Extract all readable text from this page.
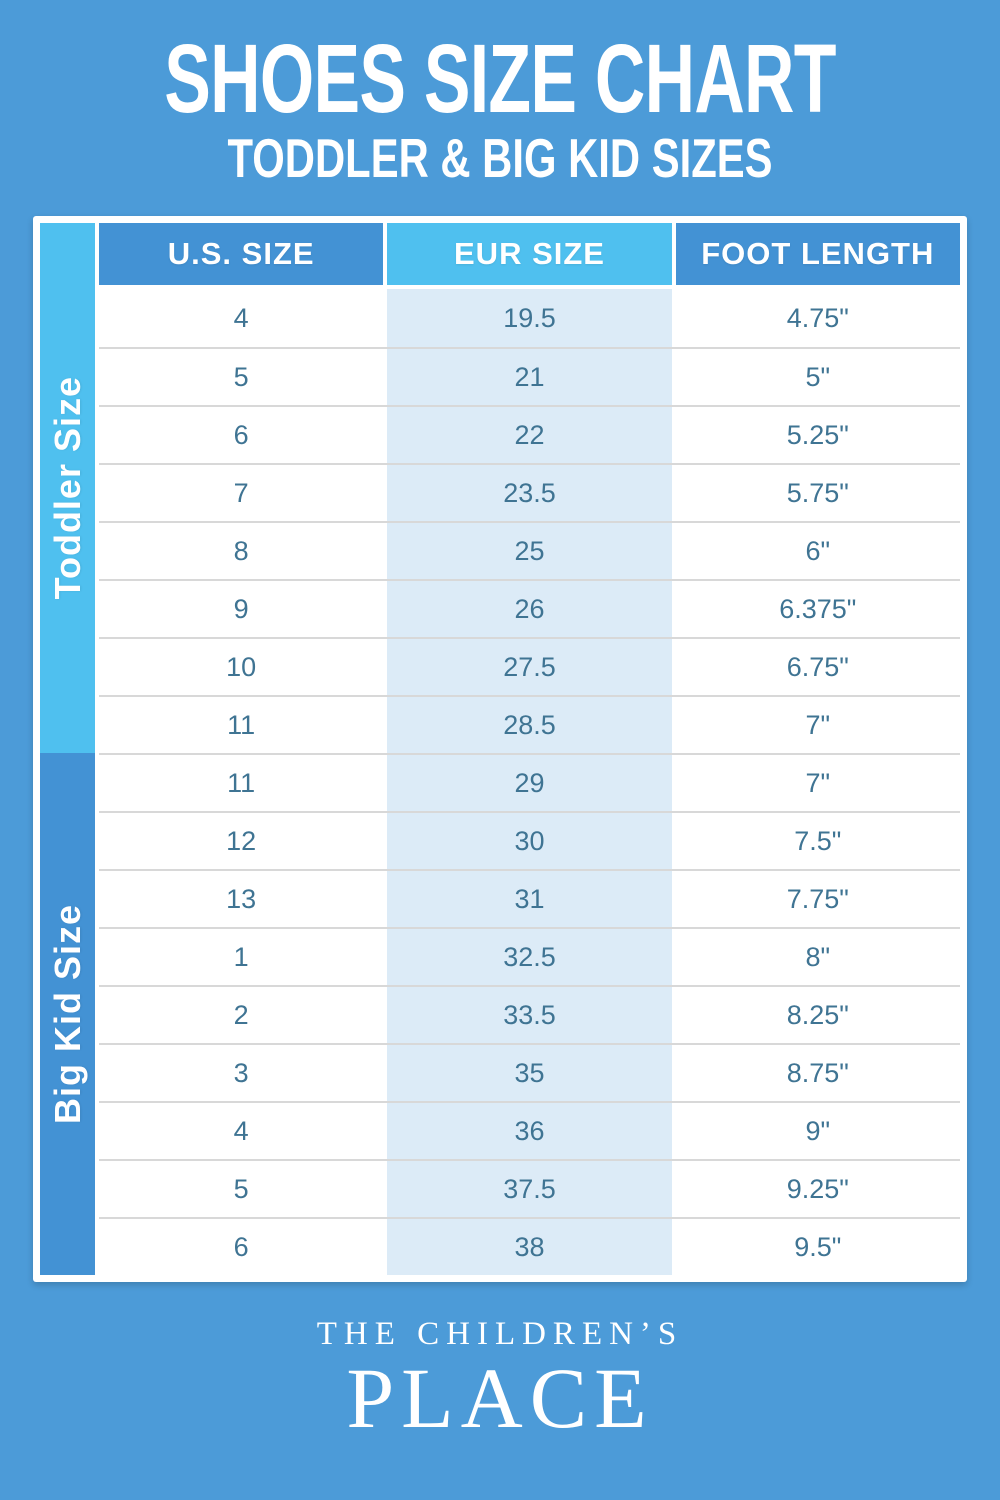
SHOES SIZE CHART
TODDLER & BIG KID SIZES
Toddler Size
Big Kid Size
U.S. SIZE	EUR SIZE	FOOT LENGTH
4	19.5	4.75"
5	21	5"
6	22	5.25"
7	23.5	5.75"
8	25	6"
9	26	6.375"
10	27.5	6.75"
11	28.5	7"
11	29	7"
12	30	7.5"
13	31	7.75"
1	32.5	8"
2	33.5	8.25"
3	35	8.75"
4	36	9"
5	37.5	9.25"
6	38	9.5"
THE CHILDREN’S
PLACE
